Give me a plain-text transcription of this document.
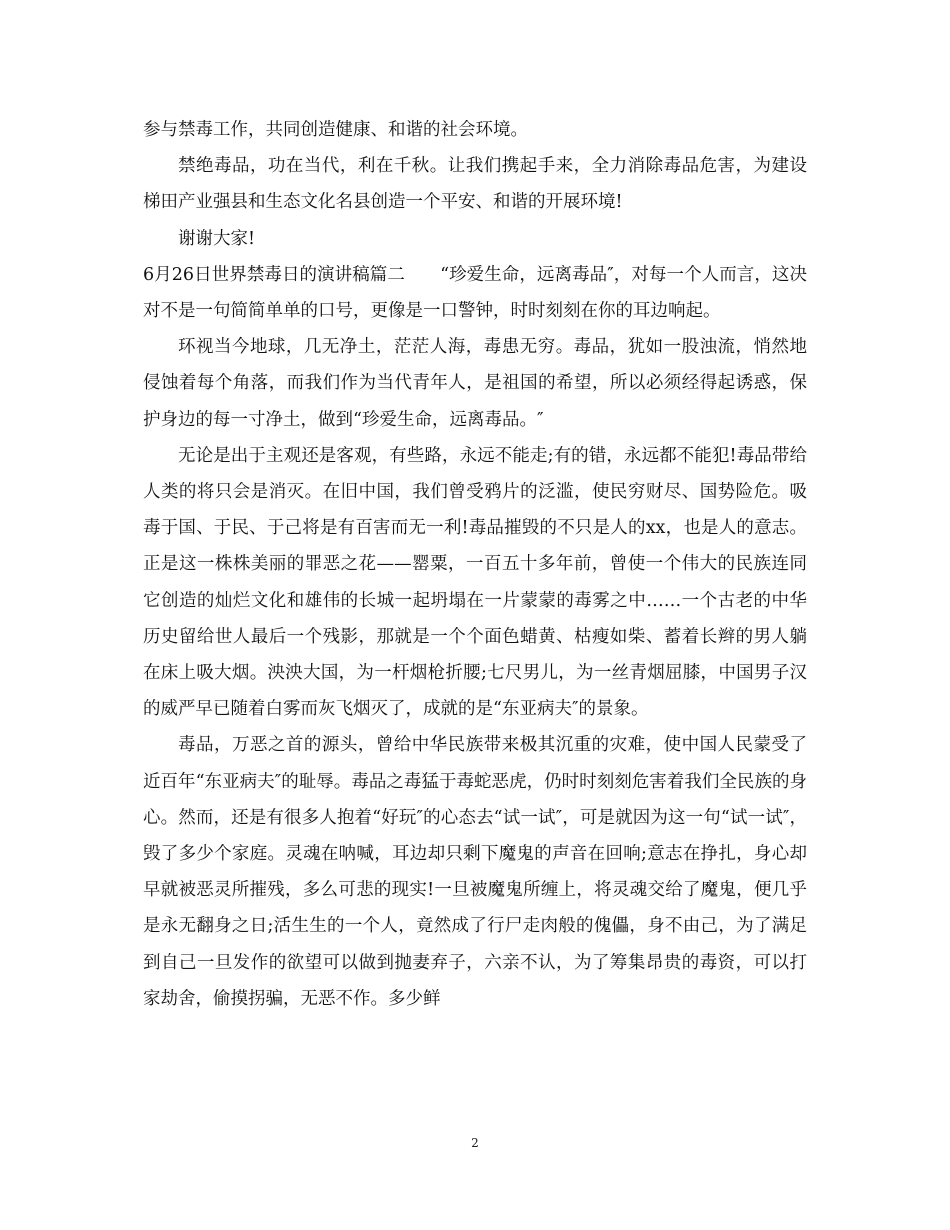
参与禁毒工作，共同创造健康、和谐的社会环境。

禁绝毒品，功在当代，利在千秋。让我们携起手来，全力消除毒品危害，为建设梯田产业强县和生态文化名县创造一个平安、和谐的开展环境!

谢谢大家!

6月26日世界禁毒日的演讲稿篇二　　“珍爱生命，远离毒品″，对每一个人而言，这决对不是一句简简单单的口号，更像是一口警钟，时时刻刻在你的耳边响起。

环视当今地球，几无净土，茫茫人海，毒患无穷。毒品，犹如一股浊流，悄然地侵蚀着每个角落，而我们作为当代青年人，是祖国的希望，所以必须经得起诱惑，保护身边的每一寸净土，做到“珍爱生命，远离毒品。″

无论是出于主观还是客观，有些路，永远不能走;有的错，永远都不能犯!毒品带给人类的将只会是消灭。在旧中国，我们曾受鸦片的泛滥，使民穷财尽、国势险危。吸毒于国、于民、于己将是有百害而无一利!毒品摧毁的不只是人的xx，也是人的意志。正是这一株株美丽的罪恶之花——罂粟，一百五十多年前，曾使一个伟大的民族连同它创造的灿烂文化和雄伟的长城一起坍塌在一片蒙蒙的毒雾之中……一个古老的中华历史留给世人最后一个残影，那就是一个个面色蜡黄、枯瘦如柴、蓄着长辫的男人躺在床上吸大烟。泱泱大国，为一杆烟枪折腰;七尺男儿，为一丝青烟屈膝，中国男子汉的威严早已随着白雾而灰飞烟灭了，成就的是“东亚病夫″的景象。

毒品，万恶之首的源头，曾给中华民族带来极其沉重的灾难，使中国人民蒙受了近百年“东亚病夫″的耻辱。毒品之毒猛于毒蛇恶虎，仍时时刻刻危害着我们全民族的身心。然而，还是有很多人抱着“好玩″的心态去“试一试″，可是就因为这一句“试一试″，毁了多少个家庭。灵魂在呐喊，耳边却只剩下魔鬼的声音在回响;意志在挣扎，身心却早就被恶灵所摧残，多么可悲的现实!一旦被魔鬼所缠上，将灵魂交给了魔鬼，便几乎是永无翻身之日;活生生的一个人，竟然成了行尸走肉般的傀儡，身不由己，为了满足到自己一旦发作的欲望可以做到抛妻弃子，六亲不认，为了筹集昂贵的毒资，可以打家劫舍，偷摸拐骗，无恶不作。多少鲜

2
